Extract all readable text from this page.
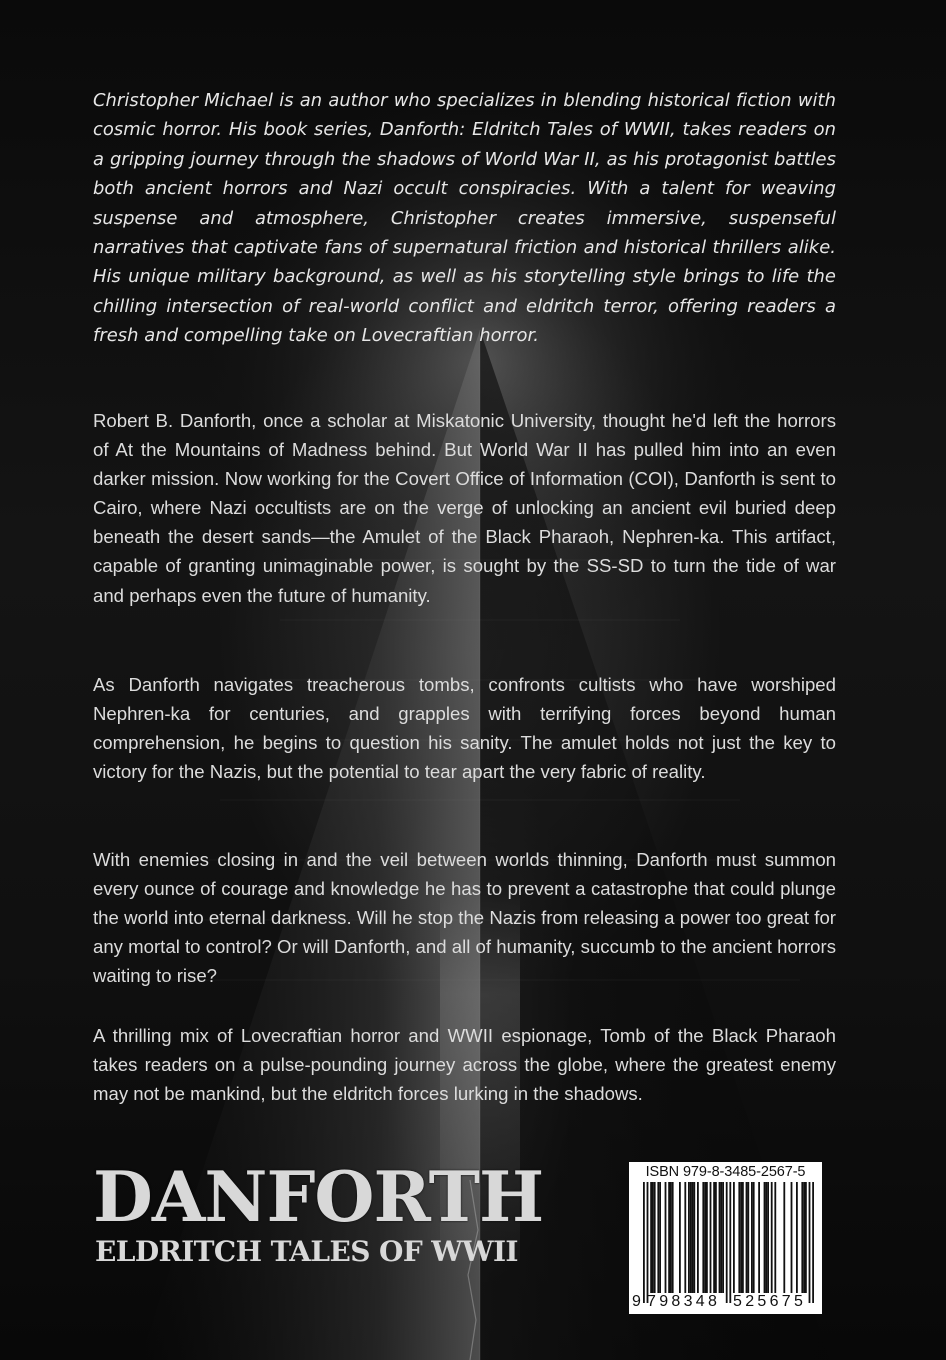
Christopher Michael is an author who specializes in blending historical fiction with cosmic horror. His book series, Danforth: Eldritch Tales of WWII, takes readers on a gripping journey through the shadows of World War II, as his protagonist battles both ancient horrors and Nazi occult conspiracies. With a talent for weaving suspense and atmosphere, Christopher creates immersive, suspenseful narratives that captivate fans of supernatural friction and historical thrillers alike. His unique military background, as well as his storytelling style brings to life the chilling intersection of real-world conflict and eldritch terror, offering readers a fresh and compelling take on Lovecraftian horror.

Robert B. Danforth, once a scholar at Miskatonic University, thought he'd left the horrors of At the Mountains of Madness behind. But World War II has pulled him into an even darker mission. Now working for the Covert Office of Information (COI), Danforth is sent to Cairo, where Nazi occultists are on the verge of unlocking an ancient evil buried deep beneath the desert sands—the Amulet of the Black Pharaoh, Nephren-ka. This artifact, capable of granting unimaginable power, is sought by the SS-SD to turn the tide of war and perhaps even the future of humanity.

As Danforth navigates treacherous tombs, confronts cultists who have worshiped Nephren-ka for centuries, and grapples with terrifying forces beyond human comprehension, he begins to question his sanity. The amulet holds not just the key to victory for the Nazis, but the potential to tear apart the very fabric of reality.

With enemies closing in and the veil between worlds thinning, Danforth must summon every ounce of courage and knowledge he has to prevent a catastrophe that could plunge the world into eternal darkness. Will he stop the Nazis from releasing a power too great for any mortal to control? Or will Danforth, and all of humanity, succumb to the ancient horrors waiting to rise?

A thrilling mix of Lovecraftian horror and WWII espionage, Tomb of the Black Pharaoh takes readers on a pulse-pounding journey across the globe, where the greatest enemy may not be mankind, but the eldritch forces lurking in the shadows.

DANFORTH
ELDRITCH TALES OF WWII
ISBN 979-8-3485-2567-5
9 798348 525675
